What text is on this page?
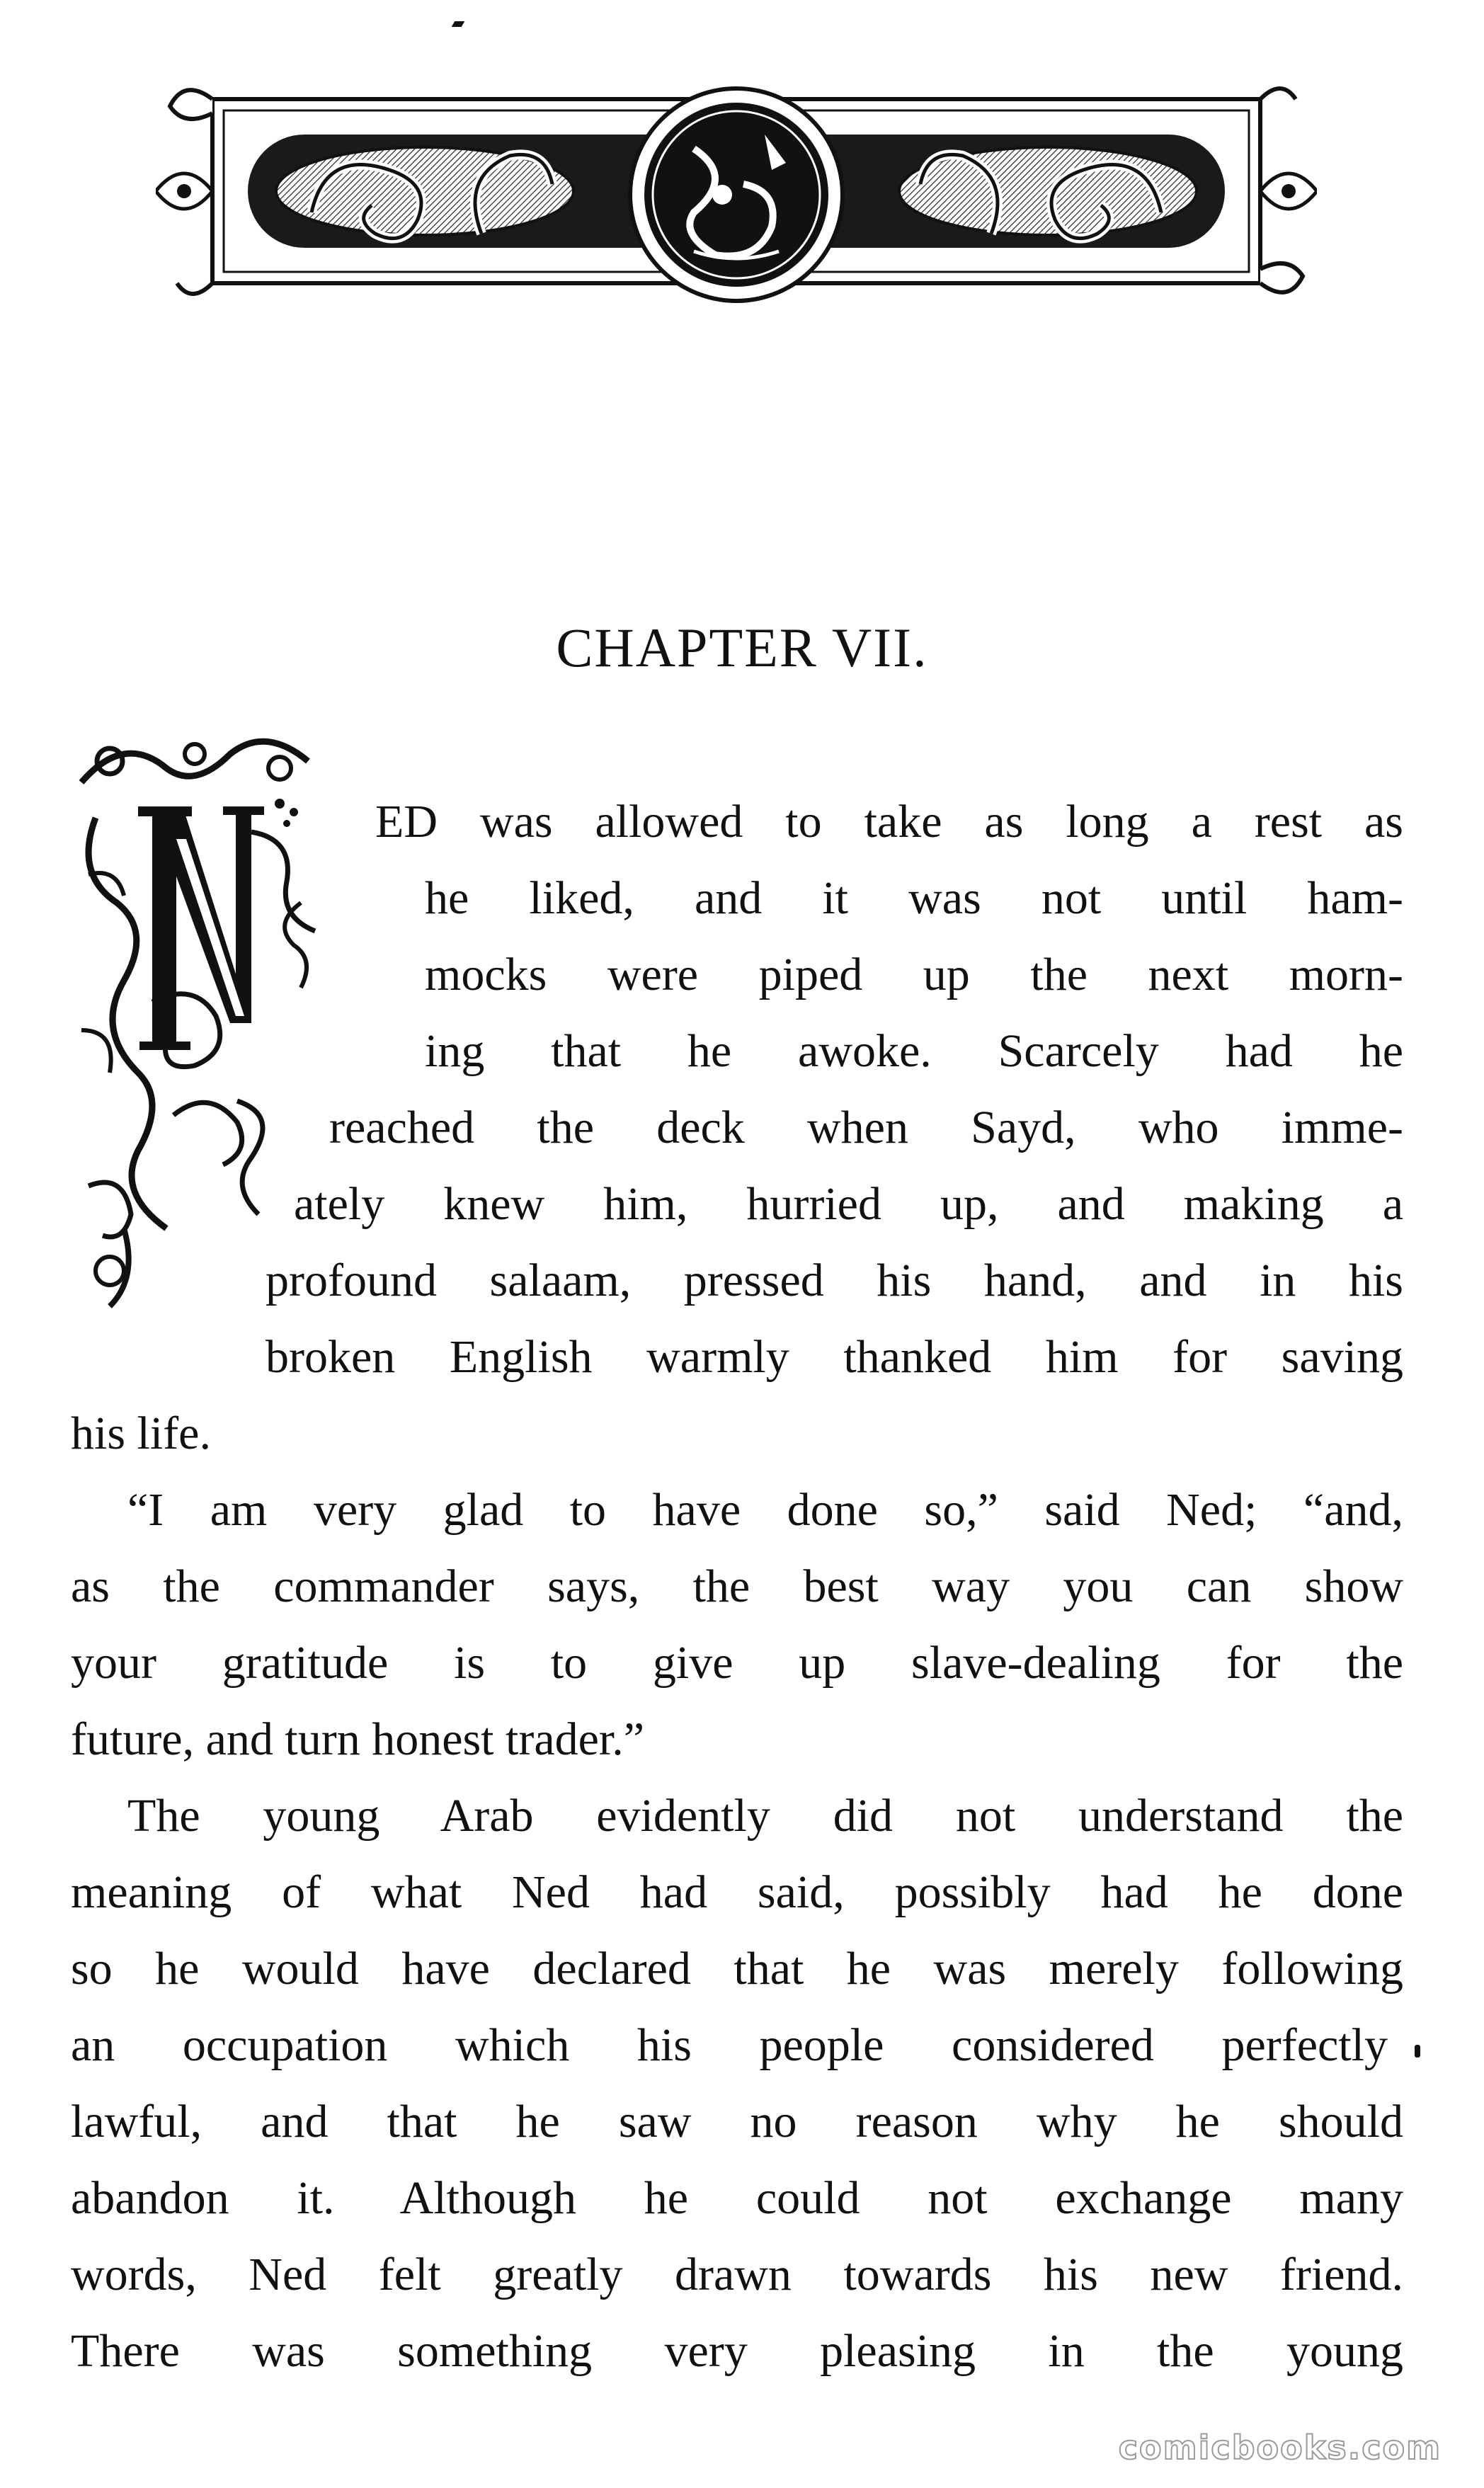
CHAPTER VII.

ED was allowed to take as long a rest as

he liked, and it was not until ham-

mocks were piped up the next morn-

ing that he awoke. Scarcely had he

reached the deck when Sayd, who imme-

ately knew him, hurried up, and making a

profound salaam, pressed his hand, and in his

broken English warmly thanked him for saving

his life.

“I am very glad to have done so,” said Ned; “and,

as the commander says, the best way you can show

your gratitude is to give up slave-dealing for the

future, and turn honest trader.”

The young Arab evidently did not understand the

meaning of what Ned had said, possibly had he done

so he would have declared that he was merely following

an occupation which his people considered perfectly

lawful, and that he saw no reason why he should

abandon it. Although he could not exchange many

words, Ned felt greatly drawn towards his new friend.

There was something very pleasing in the young

comicbooks.com
